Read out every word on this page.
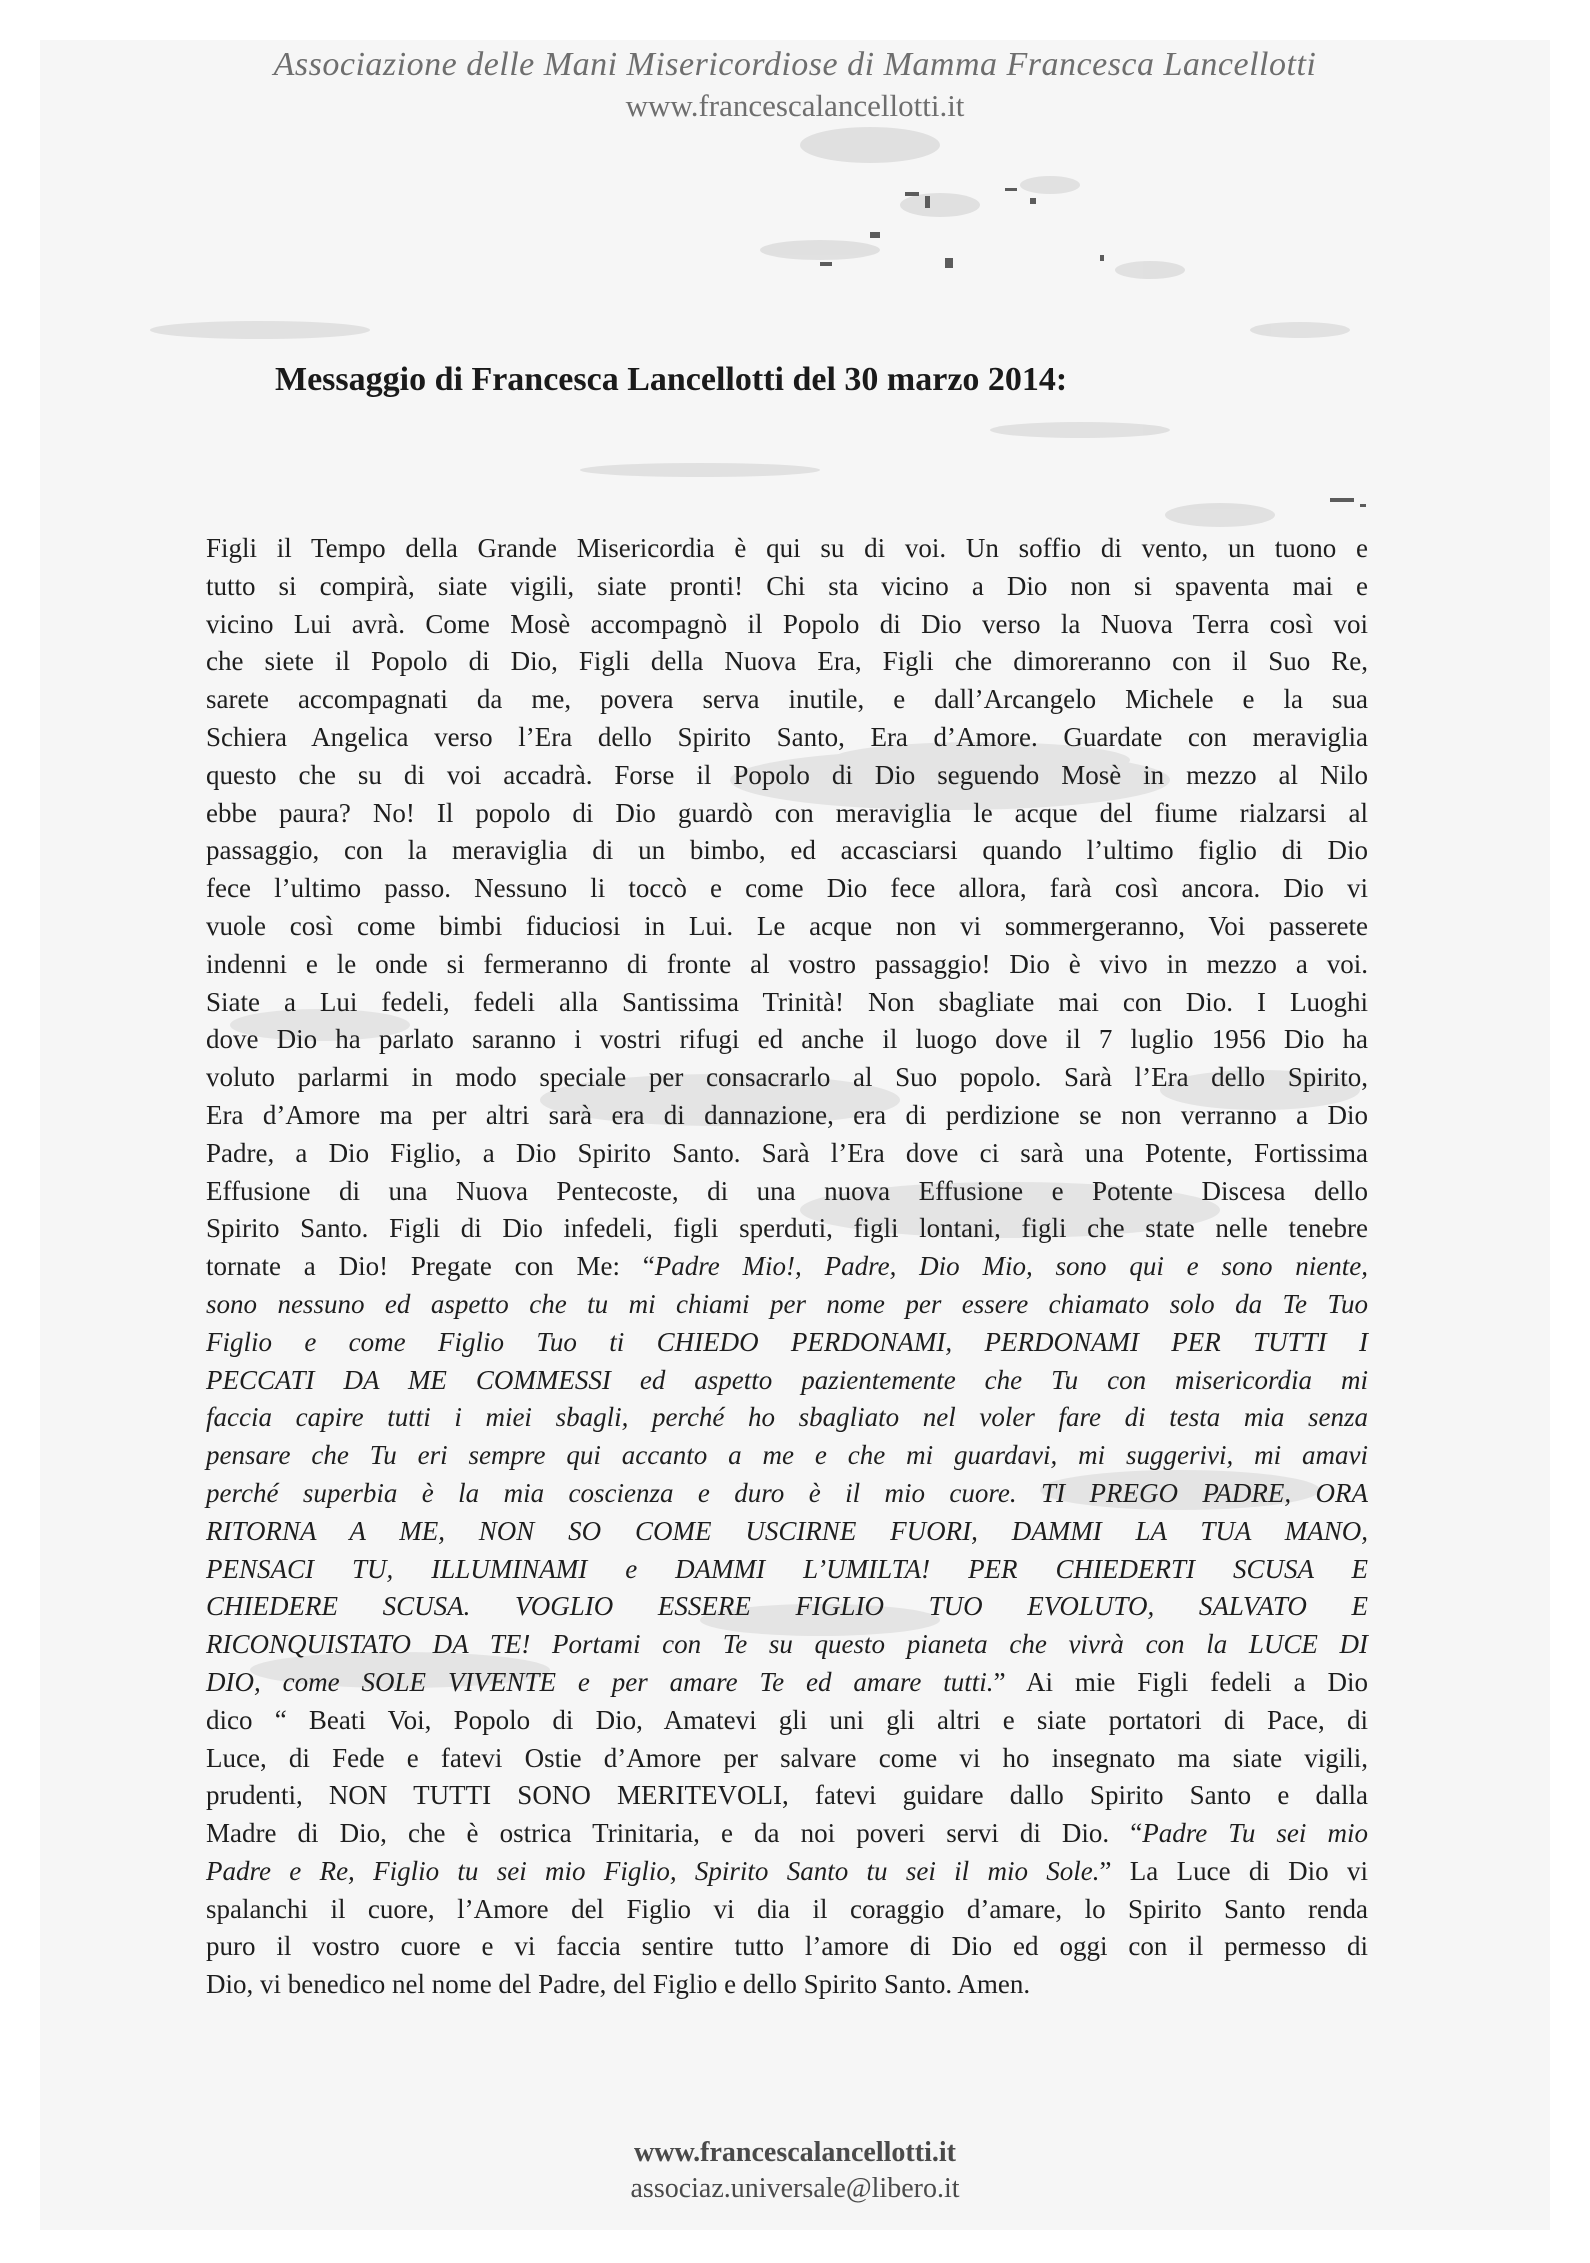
Associazione delle Mani Misericordiose di Mamma Francesca Lancellotti
www.francescalancellotti.it
Messaggio di Francesca Lancellotti del 30 marzo 2014:
Figli il Tempo della Grande Misericordia è qui su di voi. Un soffio di vento, un tuono e
tutto si compirà, siate vigili, siate pronti! Chi sta vicino a Dio non si spaventa mai e
vicino Lui avrà. Come Mosè accompagnò il Popolo di Dio verso la Nuova Terra così voi
che siete il Popolo di Dio, Figli della Nuova Era, Figli che dimoreranno con il Suo Re,
sarete accompagnati da me, povera serva inutile, e dall’Arcangelo Michele e la sua
Schiera Angelica verso l’Era dello Spirito Santo, Era d’Amore. Guardate con meraviglia
questo che su di voi accadrà. Forse il Popolo di Dio seguendo Mosè in mezzo al Nilo
ebbe paura? No! Il popolo di Dio guardò con meraviglia le acque del fiume rialzarsi al
passaggio, con la meraviglia di un bimbo, ed accasciarsi quando l’ultimo figlio di Dio
fece l’ultimo passo. Nessuno li toccò e come Dio fece allora, farà così ancora. Dio vi
vuole così come bimbi fiduciosi in Lui. Le acque non vi sommergeranno, Voi passerete
indenni e le onde si fermeranno di fronte al vostro passaggio! Dio è vivo in mezzo a voi.
Siate a Lui fedeli, fedeli alla Santissima Trinità! Non sbagliate mai con Dio. I Luoghi
dove Dio ha parlato saranno i vostri rifugi ed anche il luogo dove il 7 luglio 1956 Dio ha
voluto parlarmi in modo speciale per consacrarlo al Suo popolo. Sarà l’Era dello Spirito,
Era d’Amore ma per altri sarà era di dannazione, era di perdizione se non verranno a Dio
Padre, a Dio Figlio, a Dio Spirito Santo. Sarà l’Era dove ci sarà una Potente, Fortissima
Effusione di una Nuova Pentecoste, di una nuova Effusione e Potente Discesa dello
Spirito Santo. Figli di Dio infedeli, figli sperduti, figli lontani, figli che state nelle tenebre
tornate a Dio! Pregate con Me: “Padre Mio!, Padre, Dio Mio, sono qui e sono niente,
sono nessuno ed aspetto che tu mi chiami per nome per essere chiamato solo da Te Tuo
Figlio e come Figlio Tuo ti CHIEDO PERDONAMI, PERDONAMI PER TUTTI I
PECCATI DA ME COMMESSI ed aspetto pazientemente che Tu con misericordia mi
faccia capire tutti i miei sbagli, perché ho sbagliato nel voler fare di testa mia senza
pensare che Tu eri sempre qui accanto a me e che mi guardavi, mi suggerivi, mi amavi
perché superbia è la mia coscienza e duro è il mio cuore. TI PREGO PADRE, ORA
RITORNA A ME, NON SO COME USCIRNE FUORI, DAMMI LA TUA MANO,
PENSACI TU, ILLUMINAMI e DAMMI L’UMILTA! PER CHIEDERTI SCUSA E
CHIEDERE SCUSA. VOGLIO ESSERE FIGLIO TUO EVOLUTO, SALVATO E
RICONQUISTATO DA TE! Portami con Te su questo pianeta che vivrà con la LUCE DI
DIO, come SOLE VIVENTE e per amare Te ed amare tutti.” Ai mie Figli fedeli a Dio
dico “ Beati Voi, Popolo di Dio, Amatevi gli uni gli altri e siate portatori di Pace, di
Luce, di Fede e fatevi Ostie d’Amore per salvare come vi ho insegnato ma siate vigili,
prudenti, NON TUTTI SONO MERITEVOLI, fatevi guidare dallo Spirito Santo e dalla
Madre di Dio, che è ostrica Trinitaria, e da noi poveri servi di Dio. “Padre Tu sei mio
Padre e Re, Figlio tu sei mio Figlio, Spirito Santo tu sei il mio Sole.” La Luce di Dio vi
spalanchi il cuore, l’Amore del Figlio vi dia il coraggio d’amare, lo Spirito Santo renda
puro il vostro cuore e vi faccia sentire tutto l’amore di Dio ed oggi con il permesso di
Dio, vi benedico nel nome del Padre, del Figlio e dello Spirito Santo. Amen.
www.francescalancellotti.it
associaz.universale@libero.it
